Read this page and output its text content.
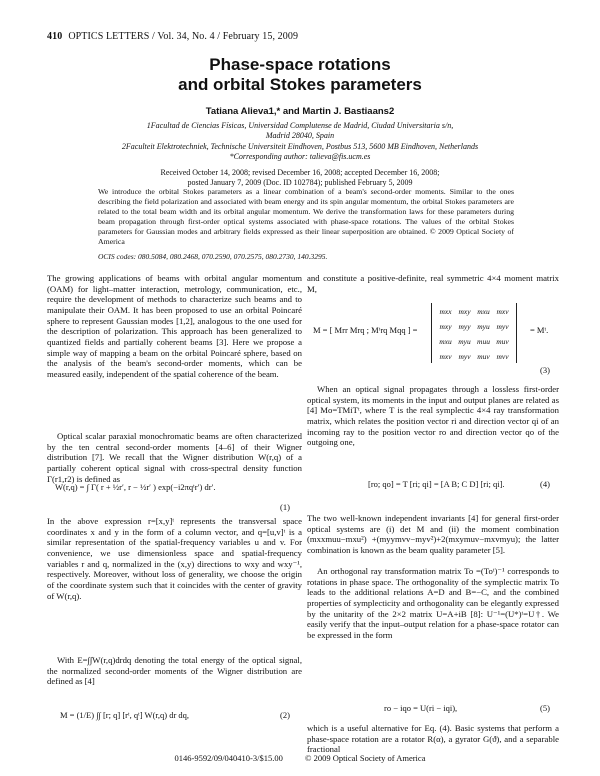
410 OPTICS LETTERS / Vol. 34, No. 4 / February 15, 2009
Phase-space rotations
and orbital Stokes parameters
Tatiana Alieva1,* and Martin J. Bastiaans2
1Facultad de Ciencias Físicas, Universidad Complutense de Madrid, Ciudad Universitaria s/n,
Madrid 28040, Spain
2Faculteit Elektrotechniek, Technische Universiteit Eindhoven, Postbus 513, 5600 MB Eindhoven, Netherlands
*Corresponding author: talieva@fis.ucm.es
Received October 14, 2008; revised December 16, 2008; accepted December 16, 2008;
posted January 7, 2009 (Doc. ID 102784); published February 5, 2009

We introduce the orbital Stokes parameters as a linear combination of a beam's second-order moments. Similar to the ones describing the field polarization and associated with beam energy and its spin angular momentum, the orbital Stokes parameters are related to the total beam width and its orbital angular momentum. We derive the transformation laws for these parameters during beam propagation through first-order optical systems associated with phase-space rotations. The values of the orbital Stokes parameters for Gaussian modes and arbitrary fields expressed as their linear superposition are obtained. © 2009 Optical Society of America

OCIS codes: 080.5084, 080.2468, 070.2590, 070.2575, 080.2730, 140.3295.

The growing applications of beams with orbital angular momentum (OAM) for light–matter interaction, metrology, communication, etc., require the development of methods to characterize such beams and to manipulate their OAM. It has been proposed to use an orbital Poincaré sphere to represent Gaussian modes [1,2], analogous to the one used for the description of polarization. This approach has been generalized to quantized fields and partially coherent beams [3]. Here we propose a simple way of mapping a beam on the orbital Poincaré sphere, based on the analysis of the beam's second-order moments, which can be measured easily, independent of the spatial coherence of the beam.

Optical scalar paraxial monochromatic beams are often characterized by the ten central second-order moments [4–6] of their Wigner distribution [7]. We recall that the Wigner distribution W(r,q) of a partially coherent optical signal with cross-spectral density function Γ(r1,r2) is defined as

W(r,q) = ∫ Γ( r + ½r′, r − ½r′ ) exp(−i2πqᵗr′) dr′.
(1)

In the above expression r=[x,y]ᵗ represents the transversal space coordinates x and y in the form of a column vector, and q=[u,v]ᵗ is a similar representation of the spatial-frequency variables u and v. For convenience, we use dimensionless space and spatial-frequency variables r and q, normalized in the (x,y) directions to wxy and wxy⁻¹, respectively. Moreover, without loss of generality, we choose the origin of the coordinate system such that it coincides with the center of gravity of W(r,q).

With E=∫∫W(r,q)drdq denoting the total energy of the optical signal, the normalized second-order moments of the Wigner distribution are defined as [4]

M = (1/E) ∫∫ [r; q] [rᵗ, qᵗ] W(r,q) dr dq,	(2)

and constitute a positive-definite, real symmetric 4×4 moment matrix M,

M = [ Mrr Mrq ; Mᵗrq Mqq ] =
mxx mxy mxu mxv
mxy myy myu myv
mxu myu muu muv
mxv myv muv mvv
= Mᵗ.
(3)

When an optical signal propagates through a lossless first-order optical system, its moments in the input and output planes are related as [4] Mo=TMiTᵗ, where T is the real symplectic 4×4 ray transformation matrix, which relates the position vector ri and direction vector qi of an incoming ray to the position vector ro and direction vector qo of the outgoing one,

[ro; qo] = T [ri; qi] = [A B; C D] [ri; qi].	(4)

The two well-known independent invariants [4] for general first-order optical systems are (i) det M and (ii) the moment combination (mxxmuu−mxu²) +(myymvv−myv²)+2(mxymuv−mxvmyu); the latter combination is known as the beam quality parameter [5].

An orthogonal ray transformation matrix To =(Toᵗ)⁻¹ corresponds to rotations in phase space. The orthogonality of the symplectic matrix To leads to the additional relations A=D and B=−C, and the combined properties of symplecticity and orthogonality can be elegantly expressed by the unitarity of the 2×2 matrix U=A+iB [8]: U⁻¹=(U*)ᵗ=U†. We easily verify that the input–output relation for a phase-space rotator can be expressed in the form

ro − iqo = U(ri − iqi),	(5)

which is a useful alternative for Eq. (4). Basic systems that perform a phase-space rotation are a rotator R(α), a gyrator G(ϑ), and a separable fractional

0146-9592/09/040410-3/$15.00	© 2009 Optical Society of America
